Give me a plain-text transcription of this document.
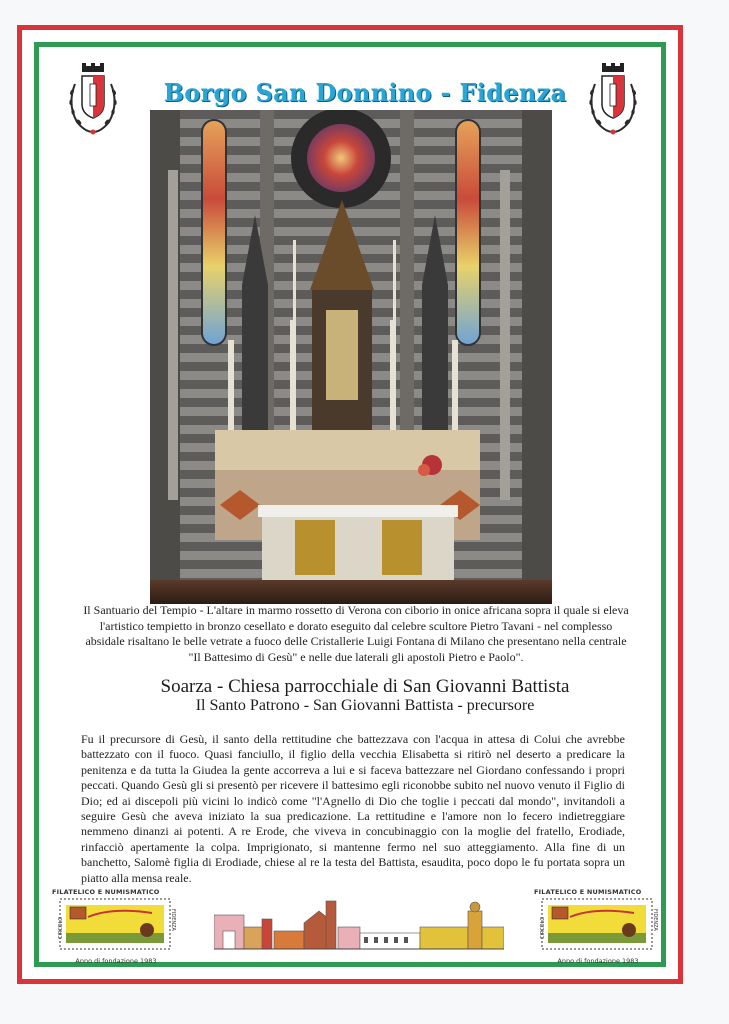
Borgo San Donnino - Fidenza
Il Santuario del Tempio - L'altare in marmo rossetto di Verona con ciborio in onice africana sopra il quale si eleva l'artistico tempietto in bronzo cesellato e dorato eseguito dal celebre scultore Pietro Tavani - nel complesso absidale risaltano le belle vetrate a fuoco delle Cristallerie Luigi Fontana di Milano che presentano nella centrale "Il Battesimo di Gesù" e nelle due laterali gli apostoli Pietro e Paolo".
Soarza - Chiesa parrocchiale di San Giovanni Battista
Il Santo Patrono - San Giovanni Battista - precursore
Fu il precursore di Gesù, il santo della rettitudine che battezzava con l'acqua in attesa di Colui che avrebbe battezzato con il fuoco. Quasi fanciullo, il figlio della vecchia Elisabetta si ritirò nel deserto a predicare la penitenza e da tutta la Giudea la gente accorreva a lui e si faceva battezzare nel Giordano confessando i propri peccati. Quando Gesù gli si presentò per ricevere il battesimo egli riconobbe subito nel nuovo venuto il Figlio di Dio; ed ai discepoli più vicini lo indicò come "l'Agnello di Dio che toglie i peccati dal mondo", invitandoli a seguire Gesù che aveva iniziato la sua predicazione. La rettitudine e l'amore non lo fecero indietreggiare nemmeno dinanzi ai potenti. A re Erode, che viveva in concubinaggio con la moglie del fratello, Erodiade, rinfacciò apertamente la colpa. Imprigionato, si mantenne fermo nel suo atteggiamento. Alla fine di un banchetto, Salomè figlia di Erodiade, chiese al re la testa del Battista, esaudita, poco dopo le fu portata sopra un piatto alla mensa reale.
FILATELICO E NUMISMATICO
CIRCOLO	FIDENZA
Anno di fondazione 1983
FILATELICO E NUMISMATICO
CIRCOLO	FIDENZA
Anno di fondazione 1983
